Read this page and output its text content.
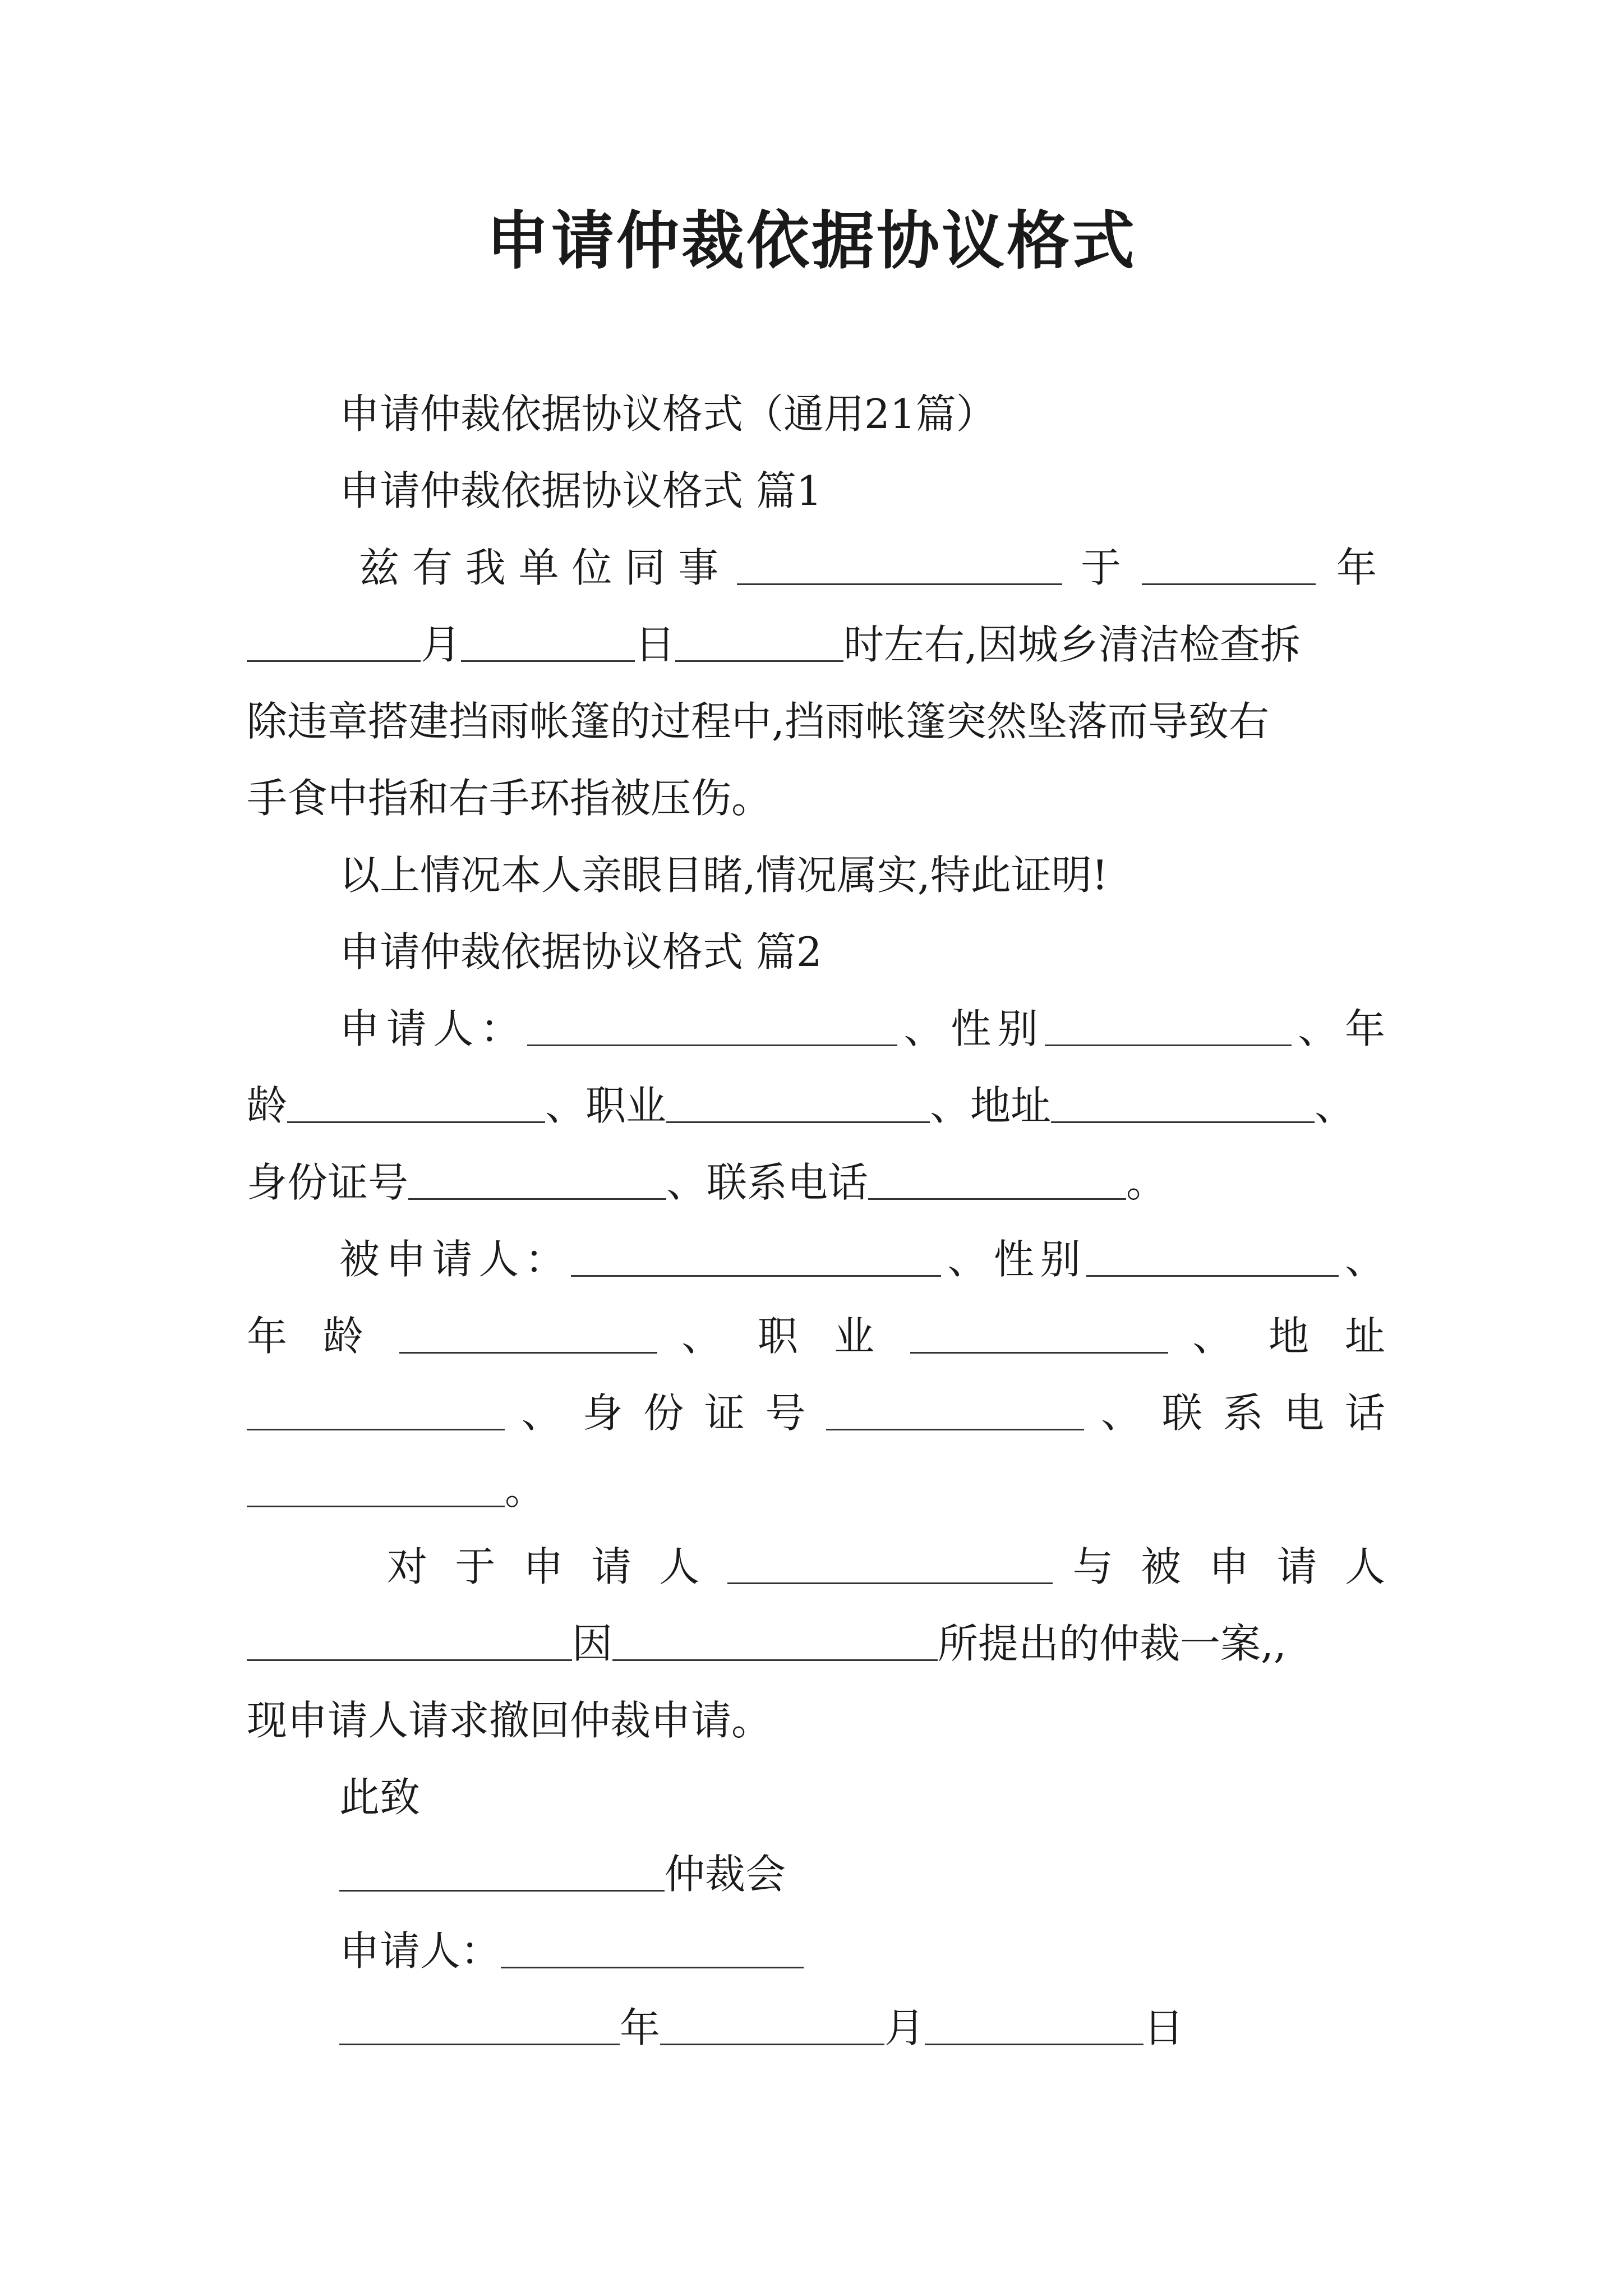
申请仲裁依据协议格式
申请仲裁依据协议格式（通用21篇）
申请仲裁依据协议格式 篇1
兹 有 我 单 位 同 事	于	年
月	日	时左右,因城乡清洁检查拆
除违章搭建挡雨帐篷的过程中,挡雨帐篷突然坠落而导致右
手食中指和右手环指被压伤。
以上情况本人亲眼目睹,情况属实,特此证明!
申请仲裁依据协议格式 篇2
申请人：	、性别	、年
龄	、职业	、地址	、
身份证号	、联系电话	。
被申请人：	、性别	、
年 龄	、 职 业	、 地 址
、 身 份 证 号	、 联 系 电 话
。
对 于 申 请 人	与 被 申 请 人
因	所提出的仲裁一案,,
现申请人请求撤回仲裁申请。
此致
仲裁会
申请人：
年	月	日
